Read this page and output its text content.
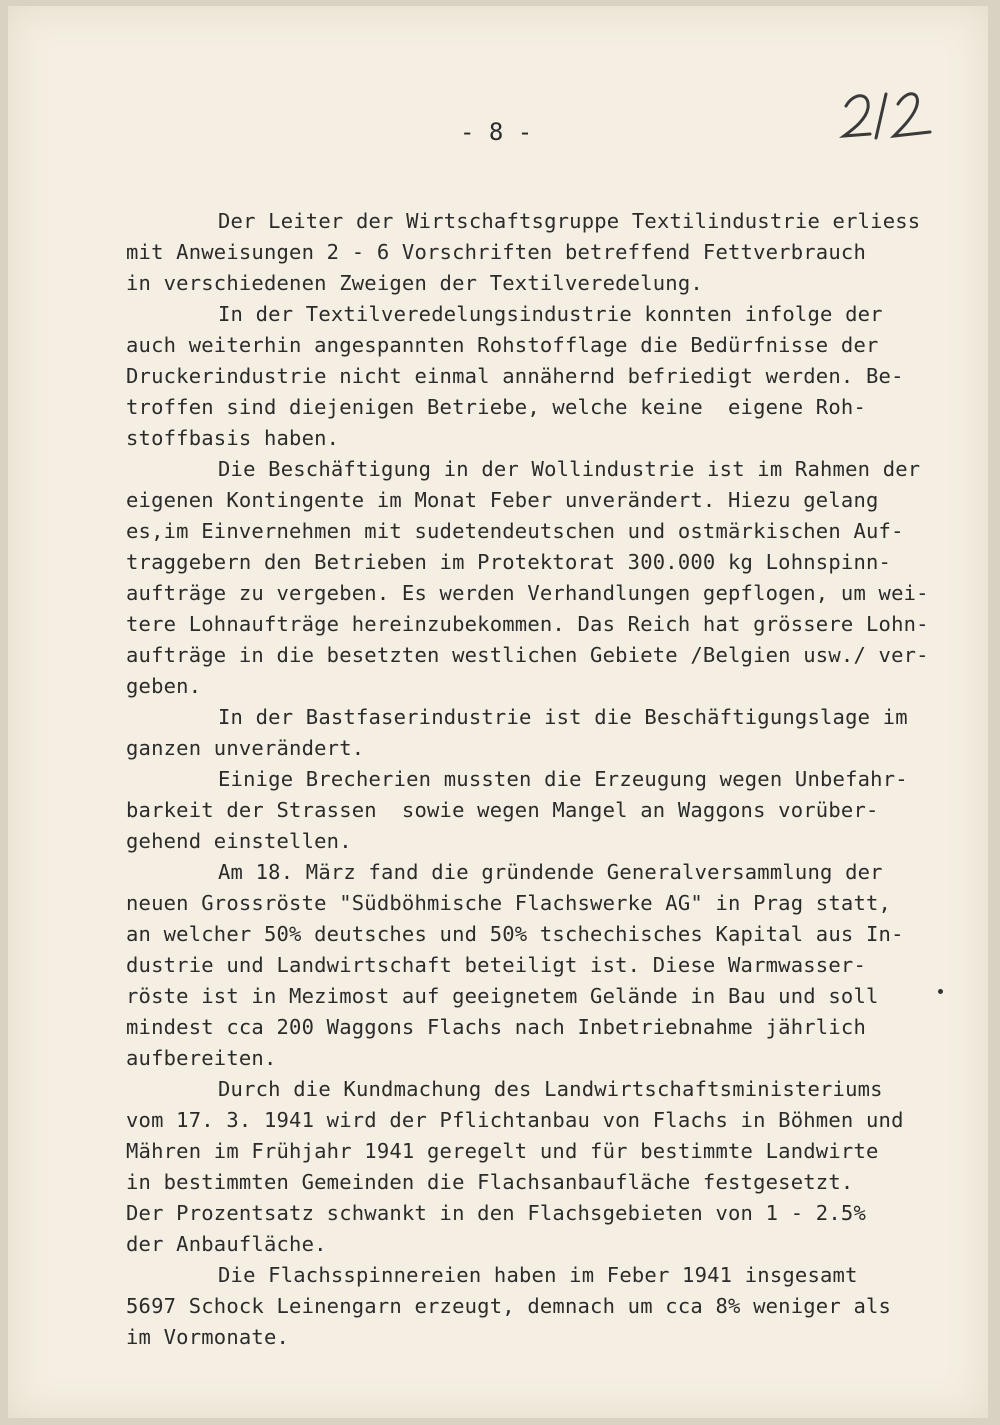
- 8 -
Der Leiter der Wirtschaftsgruppe Textilindustrie erliess
mit Anweisungen 2 - 6 Vorschriften betreffend Fettverbrauch
in verschiedenen Zweigen der Textilveredelung.
In der Textilveredelungsindustrie konnten infolge der
auch weiterhin angespannten Rohstofflage die Bedürfnisse der
Druckerindustrie nicht einmal annähernd befriedigt werden. Be-
troffen sind diejenigen Betriebe, welche keine  eigene Roh-
stoffbasis haben.
Die Beschäftigung in der Wollindustrie ist im Rahmen der
eigenen Kontingente im Monat Feber unverändert. Hiezu gelang
es,im Einvernehmen mit sudetendeutschen und ostmärkischen Auf-
traggebern den Betrieben im Protektorat 300.000 kg Lohnspinn-
aufträge zu vergeben. Es werden Verhandlungen gepflogen, um wei-
tere Lohnaufträge hereinzubekommen. Das Reich hat grössere Lohn-
aufträge in die besetzten westlichen Gebiete /Belgien usw./ ver-
geben.
In der Bastfaserindustrie ist die Beschäftigungslage im
ganzen unverändert.
Einige Brecherien mussten die Erzeugung wegen Unbefahr-
barkeit der Strassen  sowie wegen Mangel an Waggons vorüber-
gehend einstellen.
Am 18. März fand die gründende Generalversammlung der
neuen Grossröste "Südböhmische Flachswerke AG" in Prag statt,
an welcher 50% deutsches und 50% tschechisches Kapital aus In-
dustrie und Landwirtschaft beteiligt ist. Diese Warmwasser-
röste ist in Mezimost auf geeignetem Gelände in Bau und soll
mindest cca 200 Waggons Flachs nach Inbetriebnahme jährlich
aufbereiten.
Durch die Kundmachung des Landwirtschaftsministeriums
vom 17. 3. 1941 wird der Pflichtanbau von Flachs in Böhmen und
Mähren im Frühjahr 1941 geregelt und für bestimmte Landwirte
in bestimmten Gemeinden die Flachsanbaufläche festgesetzt.
Der Prozentsatz schwankt in den Flachsgebieten von 1 - 2.5%
der Anbaufläche.
Die Flachsspinnereien haben im Feber 1941 insgesamt
5697 Schock Leinengarn erzeugt, demnach um cca 8% weniger als
im Vormonate.
